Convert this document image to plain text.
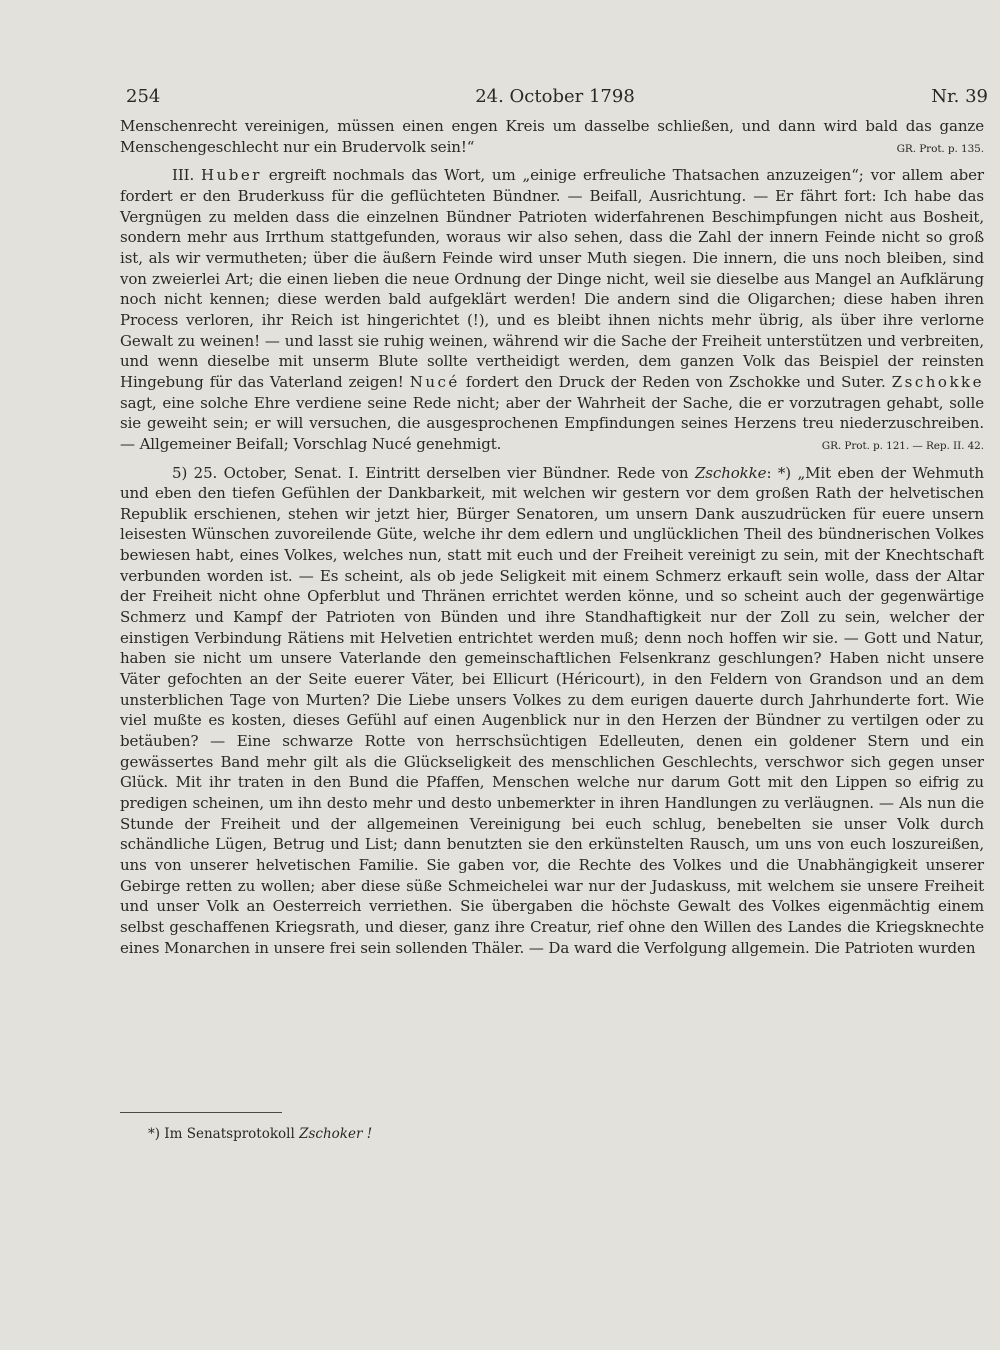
254	24. October 1798	Nr. 39

Menschenrecht vereinigen, müssen einen engen Kreis um dasselbe schließen, und dann wird bald das ganze Menschengeschlecht nur ein Brudervolk sein!“	GR. Prot. p. 135.

III. Huber ergreift nochmals das Wort, um „einige erfreuliche Thatsachen anzuzeigen“; vor allem aber fordert er den Bruderkuss für die geflüchteten Bündner. — Beifall, Ausrichtung. — Er fährt fort: Ich habe das Vergnügen zu melden dass die einzelnen Bündner Patrioten widerfahrenen Beschimpfungen nicht aus Bosheit, sondern mehr aus Irrthum stattgefunden, woraus wir also sehen, dass die Zahl der innern Feinde nicht so groß ist, als wir vermutheten; über die äußern Feinde wird unser Muth siegen. Die innern, die uns noch bleiben, sind von zweierlei Art; die einen lieben die neue Ordnung der Dinge nicht, weil sie dieselbe aus Mangel an Aufklärung noch nicht kennen; diese werden bald aufgeklärt werden! Die andern sind die Oligarchen; diese haben ihren Process verloren, ihr Reich ist hingerichtet (!), und es bleibt ihnen nichts mehr übrig, als über ihre verlorne Gewalt zu weinen! — und lasst sie ruhig weinen, während wir die Sache der Freiheit unterstützen und verbreiten, und wenn dieselbe mit unserm Blute sollte vertheidigt werden, dem ganzen Volk das Beispiel der reinsten Hingebung für das Vaterland zeigen! Nucé fordert den Druck der Reden von Zschokke und Suter. Zschokke sagt, eine solche Ehre verdiene seine Rede nicht; aber der Wahrheit der Sache, die er vorzutragen gehabt, solle sie geweiht sein; er will versuchen, die ausgesprochenen Empfindungen seines Herzens treu niederzuschreiben. — Allgemeiner Beifall; Vorschlag Nucé genehmigt.	GR. Prot. p. 121. — Rep. II. 42.

5) 25. October, Senat. I. Eintritt derselben vier Bündner. Rede von Zschokke: *) „Mit eben der Wehmuth und eben den tiefen Gefühlen der Dankbarkeit, mit welchen wir gestern vor dem großen Rath der helvetischen Republik erschienen, stehen wir jetzt hier, Bürger Senatoren, um unsern Dank auszudrücken für euere unsern leisesten Wünschen zuvoreilende Güte, welche ihr dem edlern und unglücklichen Theil des bündnerischen Volkes bewiesen habt, eines Volkes, welches nun, statt mit euch und der Freiheit vereinigt zu sein, mit der Knechtschaft verbunden worden ist. — Es scheint, als ob jede Seligkeit mit einem Schmerz erkauft sein wolle, dass der Altar der Freiheit nicht ohne Opferblut und Thränen errichtet werden könne, und so scheint auch der gegenwärtige Schmerz und Kampf der Patrioten von Bünden und ihre Standhaftigkeit nur der Zoll zu sein, welcher der einstigen Verbindung Rätiens mit Helvetien entrichtet werden muß; denn noch hoffen wir sie. — Gott und Natur, haben sie nicht um unsere Vaterlande den gemeinschaftlichen Felsenkranz geschlungen? Haben nicht unsere Väter gefochten an der Seite euerer Väter, bei Ellicurt (Héricourt), in den Feldern von Grandson und an dem unsterblichen Tage von Murten? Die Liebe unsers Volkes zu dem eurigen dauerte durch Jahrhunderte fort. Wie viel mußte es kosten, dieses Gefühl auf einen Augenblick nur in den Herzen der Bündner zu vertilgen oder zu betäuben? — Eine schwarze Rotte von herrschsüchtigen Edelleuten, denen ein goldener Stern und ein gewässertes Band mehr gilt als die Glückseligkeit des menschlichen Geschlechts, verschwor sich gegen unser Glück. Mit ihr traten in den Bund die Pfaffen, Menschen welche nur darum Gott mit den Lippen so eifrig zu predigen scheinen, um ihn desto mehr und desto unbemerkter in ihren Handlungen zu verläugnen. — Als nun die Stunde der Freiheit und der allgemeinen Vereinigung bei euch schlug, benebelten sie unser Volk durch schändliche Lügen, Betrug und List; dann benutzten sie den erkünstelten Rausch, um uns von euch loszureißen, uns von unserer helvetischen Familie. Sie gaben vor, die Rechte des Volkes und die Unabhängigkeit unserer Gebirge retten zu wollen; aber diese süße Schmeichelei war nur der Judaskuss, mit welchem sie unsere Freiheit und unser Volk an Oesterreich verriethen. Sie übergaben die höchste Gewalt des Volkes eigenmächtig einem selbst geschaffenen Kriegsrath, und dieser, ganz ihre Creatur, rief ohne den Willen des Landes die Kriegsknechte eines Monarchen in unsere frei sein sollenden Thäler. — Da ward die Verfolgung allgemein. Die Patrioten wurden

*) Im Senatsprotokoll Zschoker !
